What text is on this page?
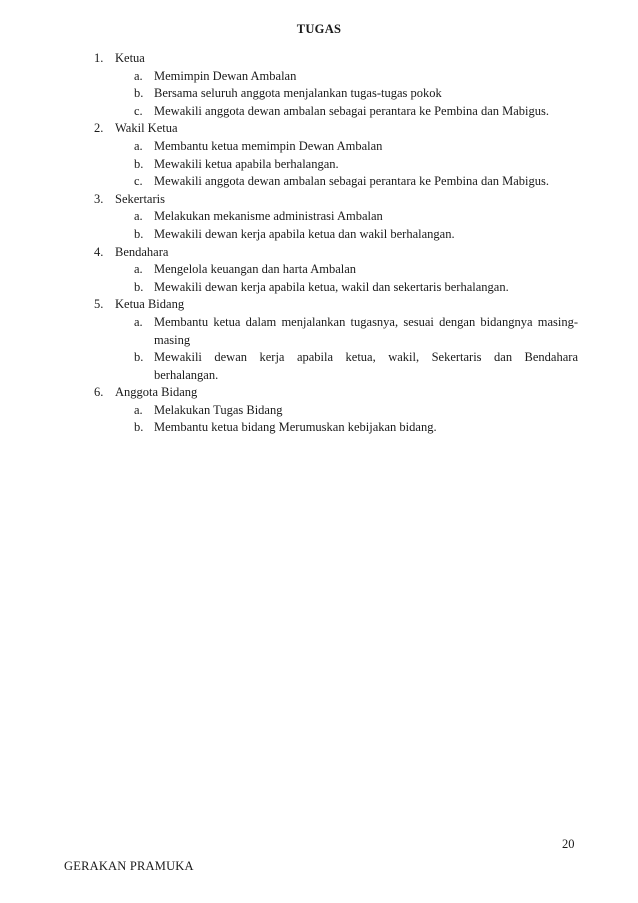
TUGAS
1. Ketua
a. Memimpin Dewan Ambalan
b. Bersama seluruh anggota menjalankan tugas-tugas pokok
c. Mewakili anggota dewan ambalan sebagai perantara ke Pembina dan Mabigus.
2. Wakil Ketua
a. Membantu ketua memimpin Dewan Ambalan
b. Mewakili ketua apabila berhalangan.
c. Mewakili anggota dewan ambalan sebagai perantara ke Pembina dan Mabigus.
3. Sekertaris
a. Melakukan mekanisme administrasi Ambalan
b. Mewakili dewan kerja apabila ketua dan wakil berhalangan.
4. Bendahara
a. Mengelola keuangan dan harta Ambalan
b. Mewakili dewan kerja apabila ketua, wakil dan sekertaris berhalangan.
5. Ketua Bidang
a. Membantu ketua dalam menjalankan tugasnya, sesuai dengan bidangnya masing-
masing
b. Mewakili dewan kerja apabila ketua, wakil, Sekertaris dan Bendahara
berhalangan.
6. Anggota Bidang
a. Melakukan Tugas Bidang
b. Membantu ketua bidang Merumuskan kebijakan bidang.
20
GERAKAN PRAMUKA
